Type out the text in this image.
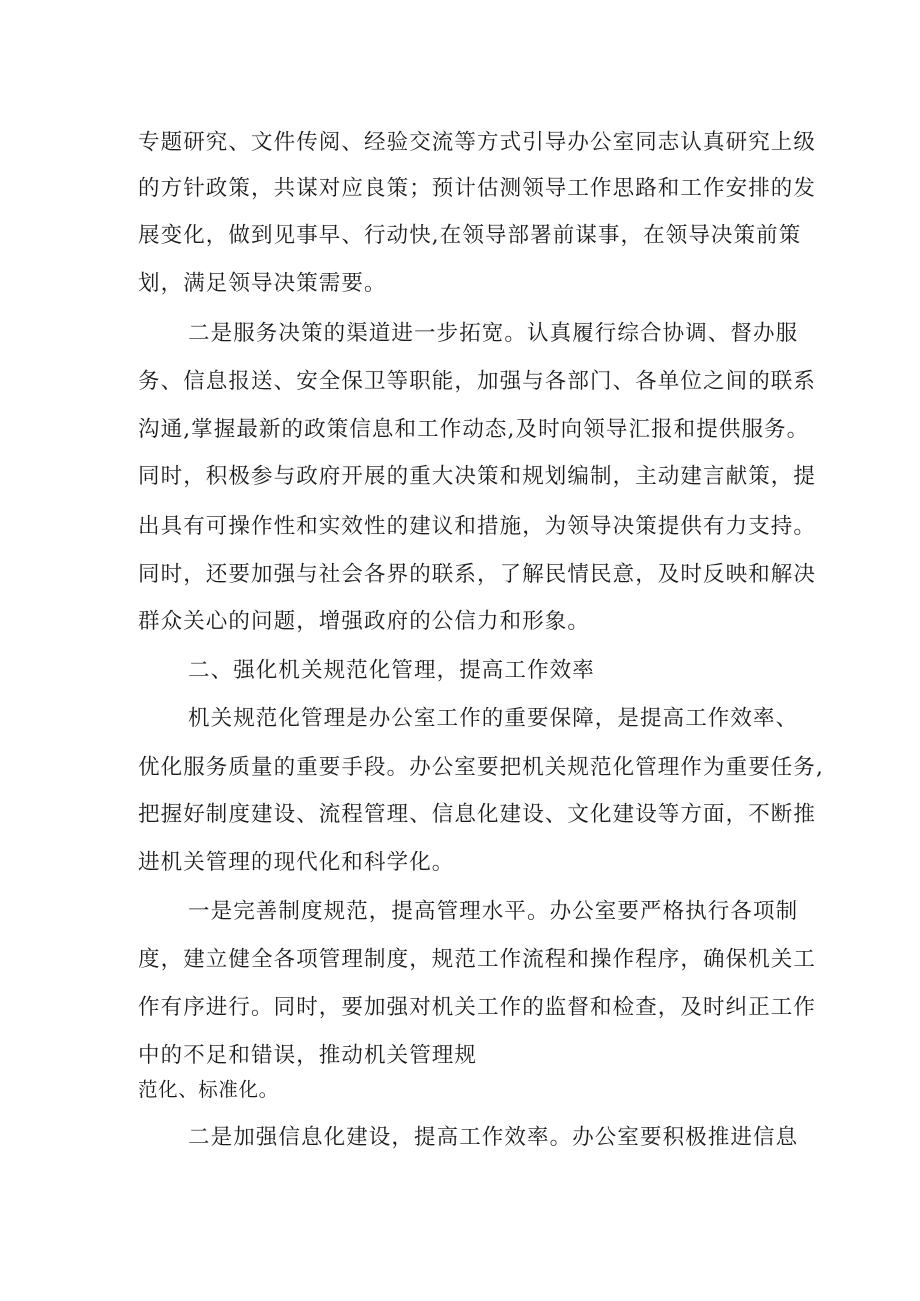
专题研究、文件传阅、经验交流等方式引导办公室同志认真研究上级
的方针政策，共谋对应良策；预计估测领导工作思路和工作安排的发
展变化，做到见事早、行动快,在领导部署前谋事，在领导决策前策
划，满足领导决策需要。
二是服务决策的渠道进一步拓宽。认真履行综合协调、督办服
务、信息报送、安全保卫等职能，加强与各部门、各单位之间的联系
沟通,掌握最新的政策信息和工作动态,及时向领导汇报和提供服务。
同时，积极参与政府开展的重大决策和规划编制，主动建言献策，提
出具有可操作性和实效性的建议和措施，为领导决策提供有力支持。
同时，还要加强与社会各界的联系，了解民情民意，及时反映和解决
群众关心的问题，增强政府的公信力和形象。
二、强化机关规范化管理，提高工作效率
机关规范化管理是办公室工作的重要保障，是提高工作效率、
优化服务质量的重要手段。办公室要把机关规范化管理作为重要任务,
把握好制度建设、流程管理、信息化建设、文化建设等方面，不断推
进机关管理的现代化和科学化。
一是完善制度规范，提高管理水平。办公室要严格执行各项制
度，建立健全各项管理制度，规范工作流程和操作程序，确保机关工
作有序进行。同时，要加强对机关工作的监督和检查，及时纠正工作
中的不足和错误，推动机关管理规
范化、标准化。
二是加强信息化建设，提高工作效率。办公室要积极推进信息
